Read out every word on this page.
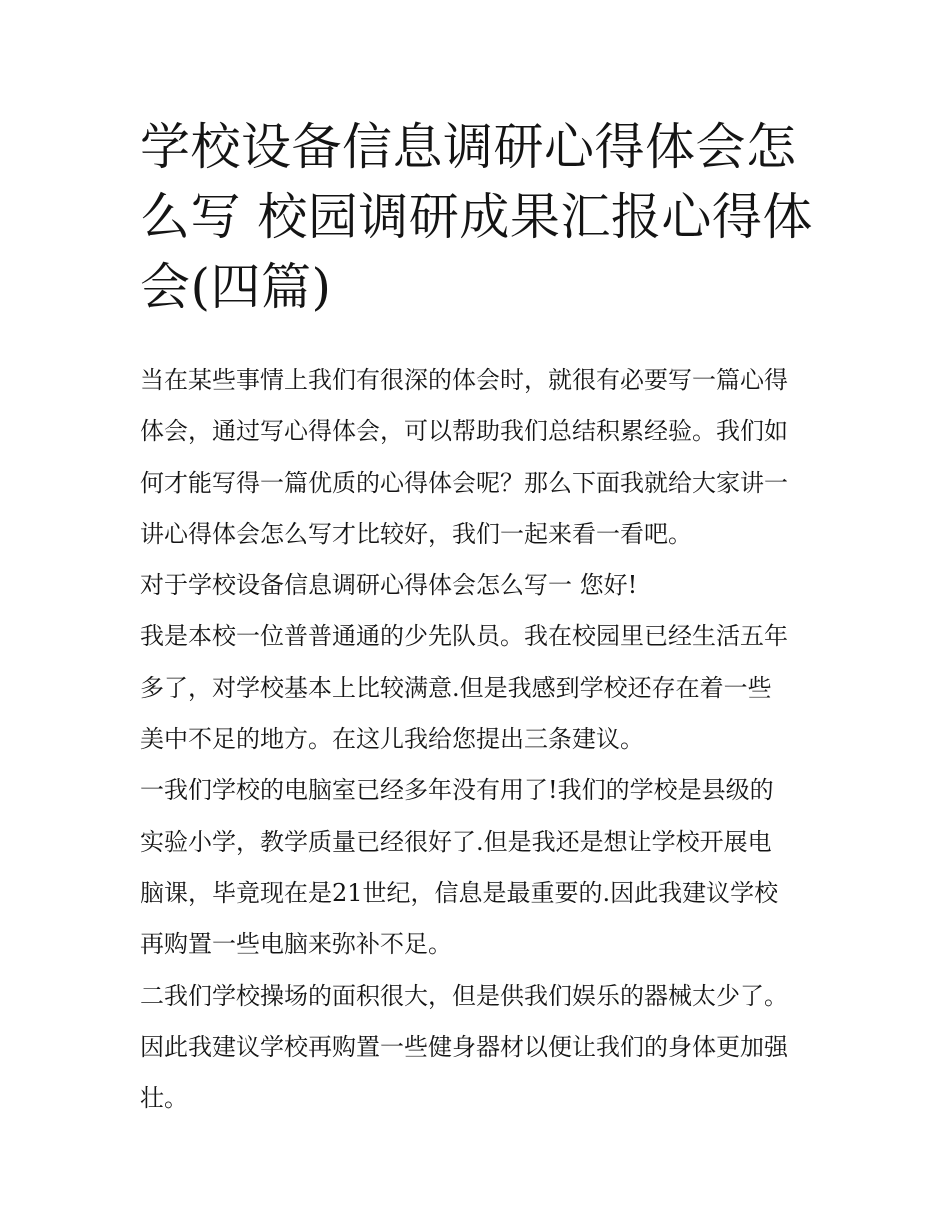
学校设备信息调研心得体会怎
么写 校园调研成果汇报心得体
会(四篇)

当在某些事情上我们有很深的体会时，就很有必要写一篇心得
体会，通过写心得体会，可以帮助我们总结积累经验。我们如
何才能写得一篇优质的心得体会呢？那么下面我就给大家讲一
讲心得体会怎么写才比较好，我们一起来看一看吧。

对于学校设备信息调研心得体会怎么写一 您好!

我是本校一位普普通通的少先队员。我在校园里已经生活五年
多了，对学校基本上比较满意.但是我感到学校还存在着一些
美中不足的地方。在这儿我给您提出三条建议。

一我们学校的电脑室已经多年没有用了!我们的学校是县级的
实验小学，教学质量已经很好了.但是我还是想让学校开展电
脑课，毕竟现在是21世纪，信息是最重要的.因此我建议学校
再购置一些电脑来弥补不足。

二我们学校操场的面积很大，但是供我们娱乐的器械太少了。
因此我建议学校再购置一些健身器材以便让我们的身体更加强
壮。
